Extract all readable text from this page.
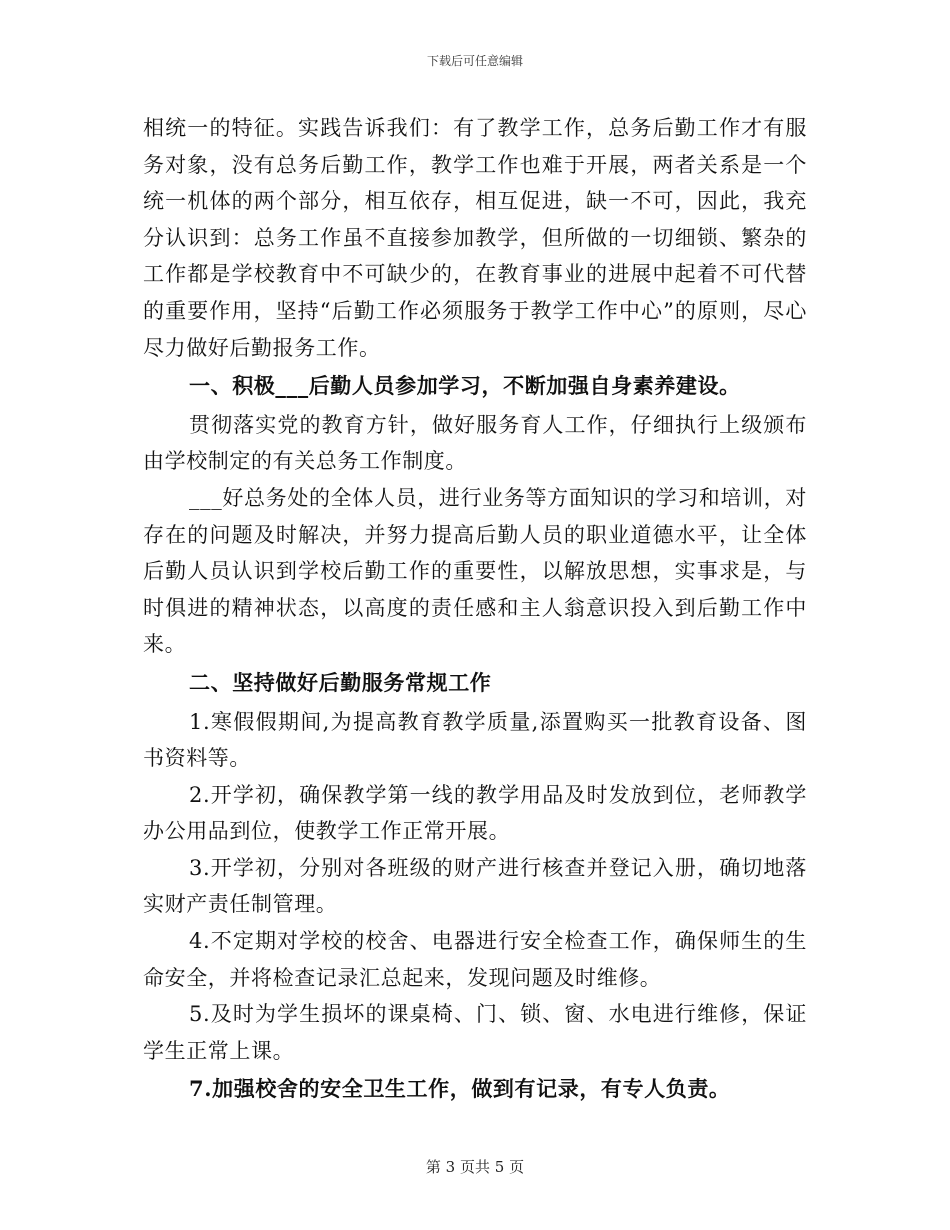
下载后可任意编辑

相统一的特征。实践告诉我们：有了教学工作，总务后勤工作才有服务对象，没有总务后勤工作，教学工作也难于开展，两者关系是一个统一机体的两个部分，相互依存，相互促进，缺一不可，因此，我充分认识到：总务工作虽不直接参加教学，但所做的一切细锁、繁杂的工作都是学校教育中不可缺少的，在教育事业的进展中起着不可代替的重要作用，坚持“后勤工作必须服务于教学工作中心”的原则，尽心尽力做好后勤报务工作。

一、积极___后勤人员参加学习，不断加强自身素养建设。

贯彻落实党的教育方针，做好服务育人工作，仔细执行上级颁布由学校制定的有关总务工作制度。

___好总务处的全体人员，进行业务等方面知识的学习和培训，对存在的问题及时解决，并努力提高后勤人员的职业道德水平，让全体后勤人员认识到学校后勤工作的重要性，以解放思想，实事求是，与时俱进的精神状态，以高度的责任感和主人翁意识投入到后勤工作中来。

二、坚持做好后勤服务常规工作

1.寒假假期间,为提高教育教学质量,添置购买一批教育设备、图书资料等。

2.开学初，确保教学第一线的教学用品及时发放到位，老师教学办公用品到位，使教学工作正常开展。

3.开学初，分别对各班级的财产进行核查并登记入册，确切地落实财产责任制管理。

4.不定期对学校的校舍、电器进行安全检查工作，确保师生的生命安全，并将检查记录汇总起来，发现问题及时维修。

5.及时为学生损坏的课桌椅、门、锁、窗、水电进行维修，保证学生正常上课。

7.加强校舍的安全卫生工作，做到有记录，有专人负责。

第 3 页共 5 页
